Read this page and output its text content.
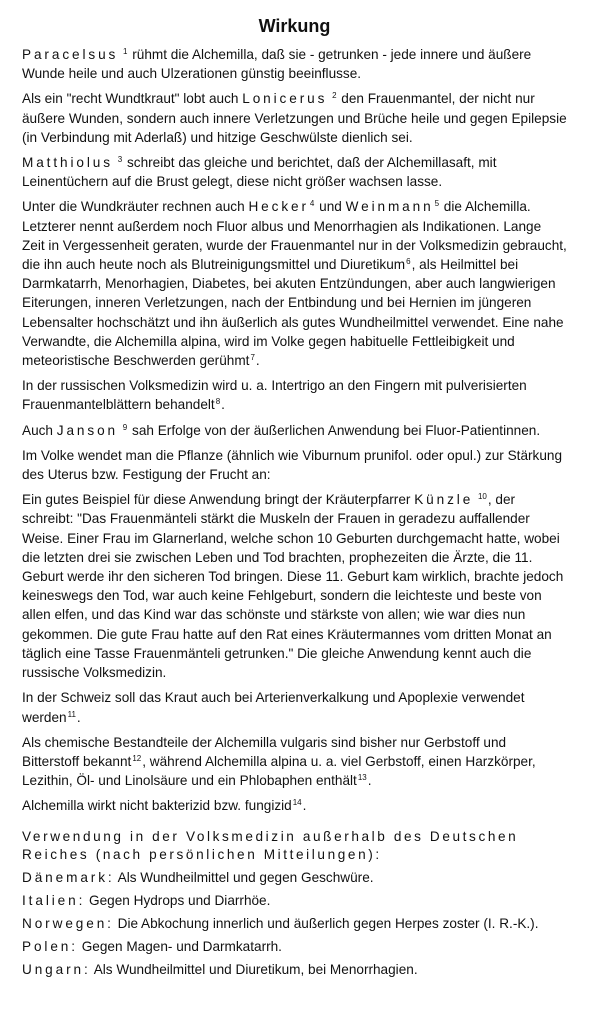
Wirkung

Paracelsus $^1$ rühmt die Alchemilla, daß sie - getrunken - jede innere und äußere Wunde heile und auch Ulzerationen günstig beeinflusse.

Als ein "recht Wundtkraut" lobt auch Lonicerus $^2$ den Frauenmantel, der nicht nur äußere Wunden, sondern auch innere Verletzungen und Brüche heile und gegen Epilepsie (in Verbindung mit Aderlaß) und hitzige Geschwülste dienlich sei.

Matthiolus $^3$ schreibt das gleiche und berichtet, daß der Alchemillasaft, mit Leinentüchern auf die Brust gelegt, diese nicht größer wachsen lasse.

Unter die Wundkräuter rechnen auch Hecker$^4$ und Weinmann$^5$ die Alchemilla. Letzterer nennt außerdem noch Fluor albus und Menorrhagien als Indikationen. Lange Zeit in Vergessenheit geraten, wurde der Frauenmantel nur in der Volksmedizin gebraucht, die ihn auch heute noch als Blutreinigungsmittel und Diuretikum$^6$, als Heilmittel bei Darmkatarrh, Menorhagien, Diabetes, bei akuten Entzündungen, aber auch langwierigen Eiterungen, inneren Verletzungen, nach der Entbindung und bei Hernien im jüngeren Lebensalter hochschätzt und ihn äußerlich als gutes Wundheilmittel verwendet. Eine nahe Verwandte, die Alchemilla alpina, wird im Volke gegen habituelle Fettleibigkeit und meteoristische Beschwerden gerühmt$^7$.

In der russischen Volksmedizin wird u. a. Intertrigo an den Fingern mit pulverisierten Frauenmantelblättern behandelt$^8$.

Auch Janson $^9$ sah Erfolge von der äußerlichen Anwendung bei Fluor-Patientinnen.

Im Volke wendet man die Pflanze (ähnlich wie Viburnum prunifol. oder opul.) zur Stärkung des Uterus bzw. Festigung der Frucht an:

Ein gutes Beispiel für diese Anwendung bringt der Kräuterpfarrer Künzle $^{10}$, der schreibt: "Das Frauenmänteli stärkt die Muskeln der Frauen in geradezu auffallender Weise. Einer Frau im Glarnerland, welche schon 10 Geburten durchgemacht hatte, wobei die letzten drei sie zwischen Leben und Tod brachten, prophezeiten die Ärzte, die 11. Geburt werde ihr den sicheren Tod bringen. Diese 11. Geburt kam wirklich, brachte jedoch keineswegs den Tod, war auch keine Fehlgeburt, sondern die leichteste und beste von allen elfen, und das Kind war das schönste und stärkste von allen; wie war dies nun gekommen. Die gute Frau hatte auf den Rat eines Kräutermannes vom dritten Monat an täglich eine Tasse Frauenmänteli getrunken." Die gleiche Anwendung kennt auch die russische Volksmedizin.

In der Schweiz soll das Kraut auch bei Arterienverkalkung und Apoplexie verwendet werden$^{11}$.

Als chemische Bestandteile der Alchemilla vulgaris sind bisher nur Gerbstoff und Bitterstoff bekannt$^{12}$, während Alchemilla alpina u. a. viel Gerbstoff, einen Harzkörper, Lezithin, Öl- und Linolsäure und ein Phlobaphen enthält$^{13}$.

Alchemilla wirkt nicht bakterizid bzw. fungizid$^{14}$.

Verwendung in der Volksmedizin außerhalb des Deutschen Reiches (nach persönlichen Mitteilungen):
Dänemark: Als Wundheilmittel und gegen Geschwüre.
Italien: Gegen Hydrops und Diarrhöe.
Norwegen: Die Abkochung innerlich und äußerlich gegen Herpes zoster (I. R.-K.).
Polen: Gegen Magen- und Darmkatarrh.
Ungarn: Als Wundheilmittel und Diuretikum, bei Menorrhagien.
